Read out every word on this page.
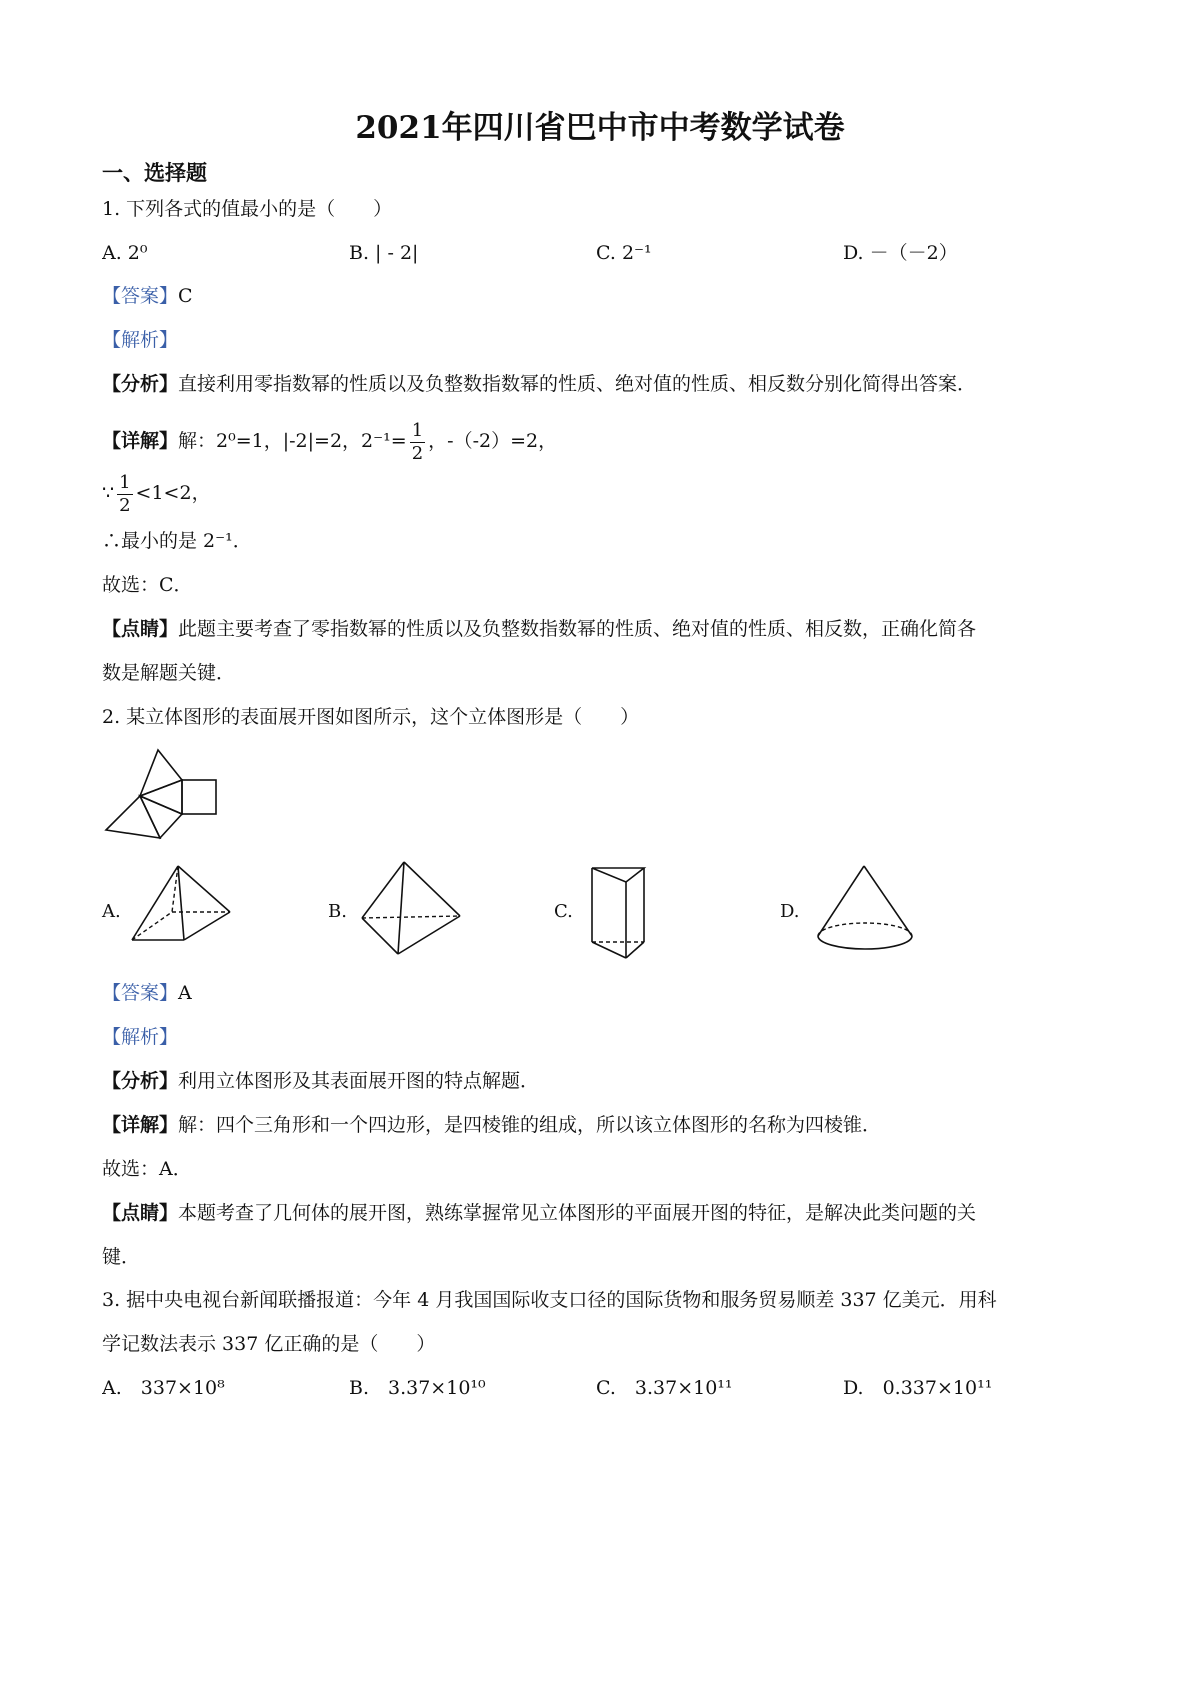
2021年四川省巴中市中考数学试卷
一、选择题
1. 下列各式的值最小的是（　　）
A. 2⁰	B. | - 2|	C. 2⁻¹	D. －（－2）
【答案】C
【解析】
【分析】直接利用零指数幂的性质以及负整数指数幂的性质、绝对值的性质、相反数分别化简得出答案．
【详解】解：2⁰=1，|-2|=2，$2^{-1}= \frac{1}{2}$ ，-（-2）=2，
∵ $\frac{1}{2} <1<2$，
∴最小的是 2⁻¹．
故选：C．
【点睛】此题主要考查了零指数幂的性质以及负整数指数幂的性质、绝对值的性质、相反数，正确化简各
数是解题关键．
2. 某立体图形的表面展开图如图所示，这个立体图形是（　　）
A.	B.	C.	D.
【答案】A
【解析】
【分析】利用立体图形及其表面展开图的特点解题．
【详解】解：四个三角形和一个四边形，是四棱锥的组成，所以该立体图形的名称为四棱锥．
故选：A．
【点睛】本题考查了几何体的展开图，熟练掌握常见立体图形的平面展开图的特征，是解决此类问题的关
键．
3. 据中央电视台新闻联播报道：今年 4 月我国国际收支口径的国际货物和服务贸易顺差 337 亿美元．用科
学记数法表示 337 亿正确的是（　　）
A.　337×10⁸	B.　3.37×10¹⁰	C.　3.37×10¹¹	D.　0.337×10¹¹
